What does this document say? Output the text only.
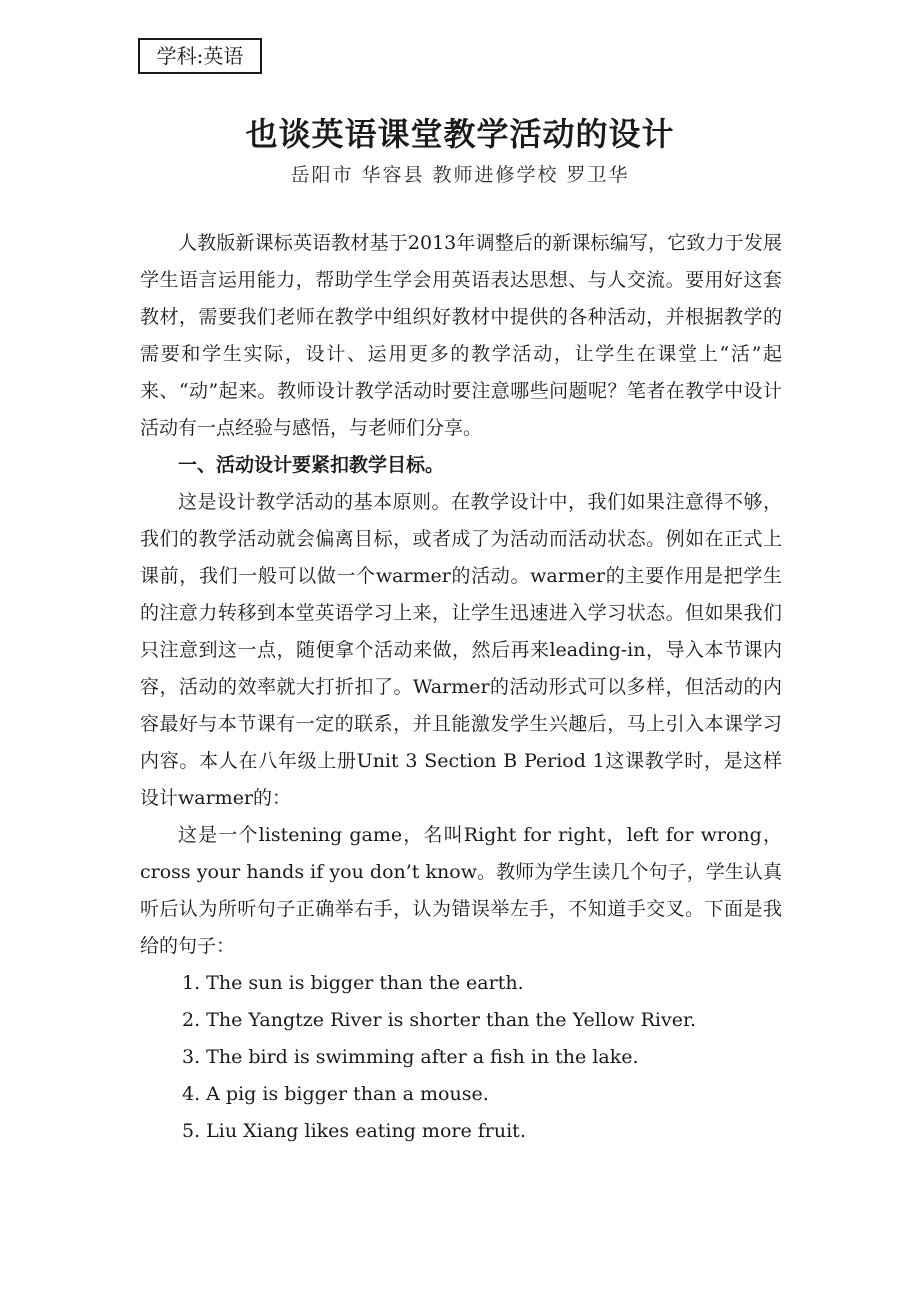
学科:英语
也谈英语课堂教学活动的设计
岳阳市 华容县 教师进修学校 罗卫华

人教版新课标英语教材基于2013年调整后的新课标编写，它致力于发展学生语言运用能力，帮助学生学会用英语表达思想、与人交流。要用好这套教材，需要我们老师在教学中组织好教材中提供的各种活动，并根据教学的需要和学生实际，设计、运用更多的教学活动，让学生在课堂上“活”起来、“动”起来。教师设计教学活动时要注意哪些问题呢？笔者在教学中设计活动有一点经验与感悟，与老师们分享。

一、活动设计要紧扣教学目标。

这是设计教学活动的基本原则。在教学设计中，我们如果注意得不够，我们的教学活动就会偏离目标，或者成了为活动而活动状态。例如在正式上课前，我们一般可以做一个warmer的活动。warmer的主要作用是把学生的注意力转移到本堂英语学习上来，让学生迅速进入学习状态。但如果我们只注意到这一点，随便拿个活动来做，然后再来leading-in，导入本节课内容，活动的效率就大打折扣了。Warmer的活动形式可以多样，但活动的内容最好与本节课有一定的联系，并且能激发学生兴趣后，马上引入本课学习内容。本人在八年级上册Unit 3 Section B Period 1这课教学时，是这样设计warmer的：

这是一个listening game，名叫Right for right，left for wrong，cross your hands if you don’t know。教师为学生读几个句子，学生认真听后认为所听句子正确举右手，认为错误举左手，不知道手交叉。下面是我给的句子：

1. The sun is bigger than the earth.

2. The Yangtze River is shorter than the Yellow River.

3. The bird is swimming after a fish in the lake.

4. A pig is bigger than a mouse.

5. Liu Xiang likes eating more fruit.
